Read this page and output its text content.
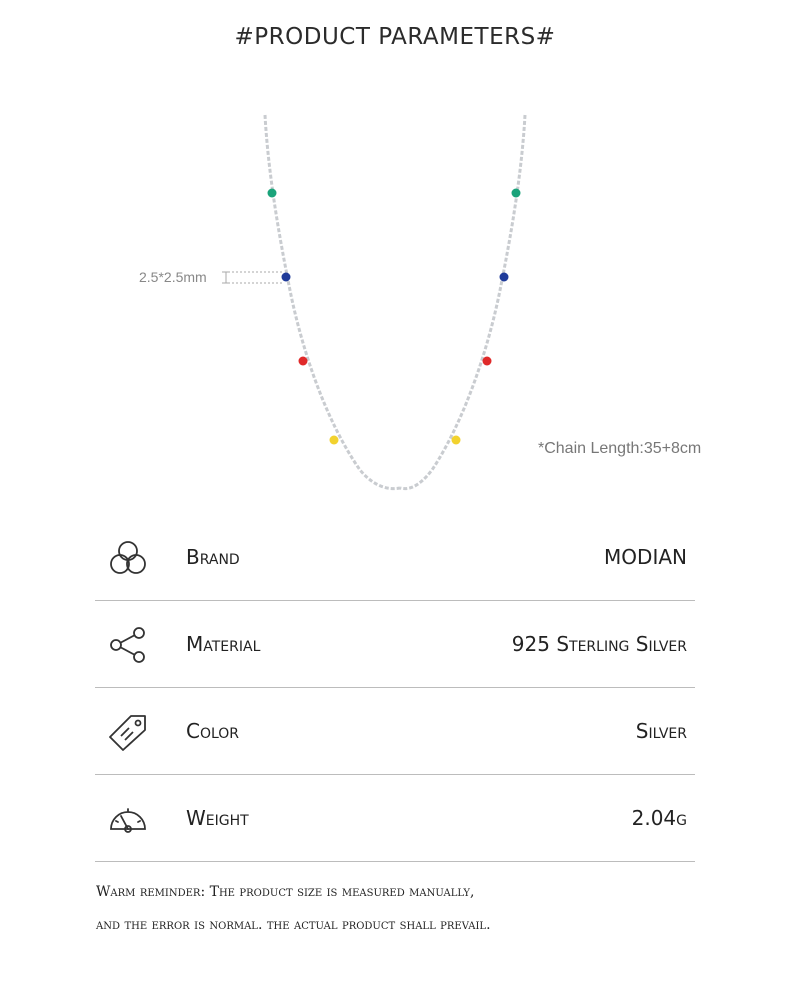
#PRODUCT PARAMETERS#
2.5*2.5mm
*Chain Length:35+8cm
Brand	MODIAN
Material	925 Sterling Silver
Color	Silver
Weight	2.04g
Warm reminder: The product size is measured manually,
and the error is normal. the actual product shall prevail.
